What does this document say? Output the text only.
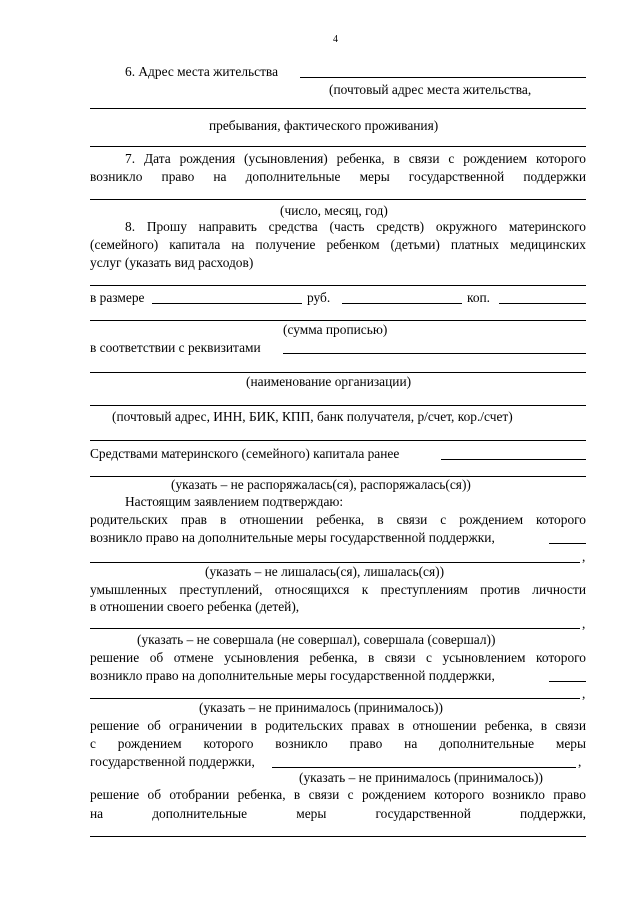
4
6. Адрес места жительства
(почтовый адрес места жительства,
пребывания, фактического проживания)
7. Дата рождения (усыновления) ребенка, в связи с рождением которого
возникло право на дополнительные меры государственной поддержки
(число, месяц, год)
8. Прошу направить средства (часть средств) окружного материнского
(семейного) капитала на получение ребенком (детьми) платных медицинских
услуг (указать вид расходов)
в размере	руб.	коп.
(сумма прописью)
в соответствии с реквизитами
(наименование организации)
(почтовый адрес, ИНН, БИК, КПП, банк получателя, р/счет, кор./счет)
Средствами материнского (семейного) капитала ранее
(указать – не распоряжалась(ся), распоряжалась(ся))
Настоящим заявлением подтверждаю:
родительских прав в отношении ребенка, в связи с рождением которого
возникло право на дополнительные меры государственной поддержки,
,
(указать – не лишалась(ся), лишалась(ся))
умышленных преступлений, относящихся к преступлениям против личности
в отношении своего ребенка (детей),
,
(указать – не совершала (не совершал), совершала (совершал))
решение об отмене усыновления ребенка, в связи с усыновлением которого
возникло право на дополнительные меры государственной поддержки,
,
(указать – не принималось (принималось))
решение об ограничении в родительских правах в отношении ребенка, в связи
с рождением которого возникло право на дополнительные меры
государственной поддержки,	,
(указать – не принималось (принималось))
решение об отобрании ребенка, в связи с рождением которого возникло право
на дополнительные меры государственной поддержки,
